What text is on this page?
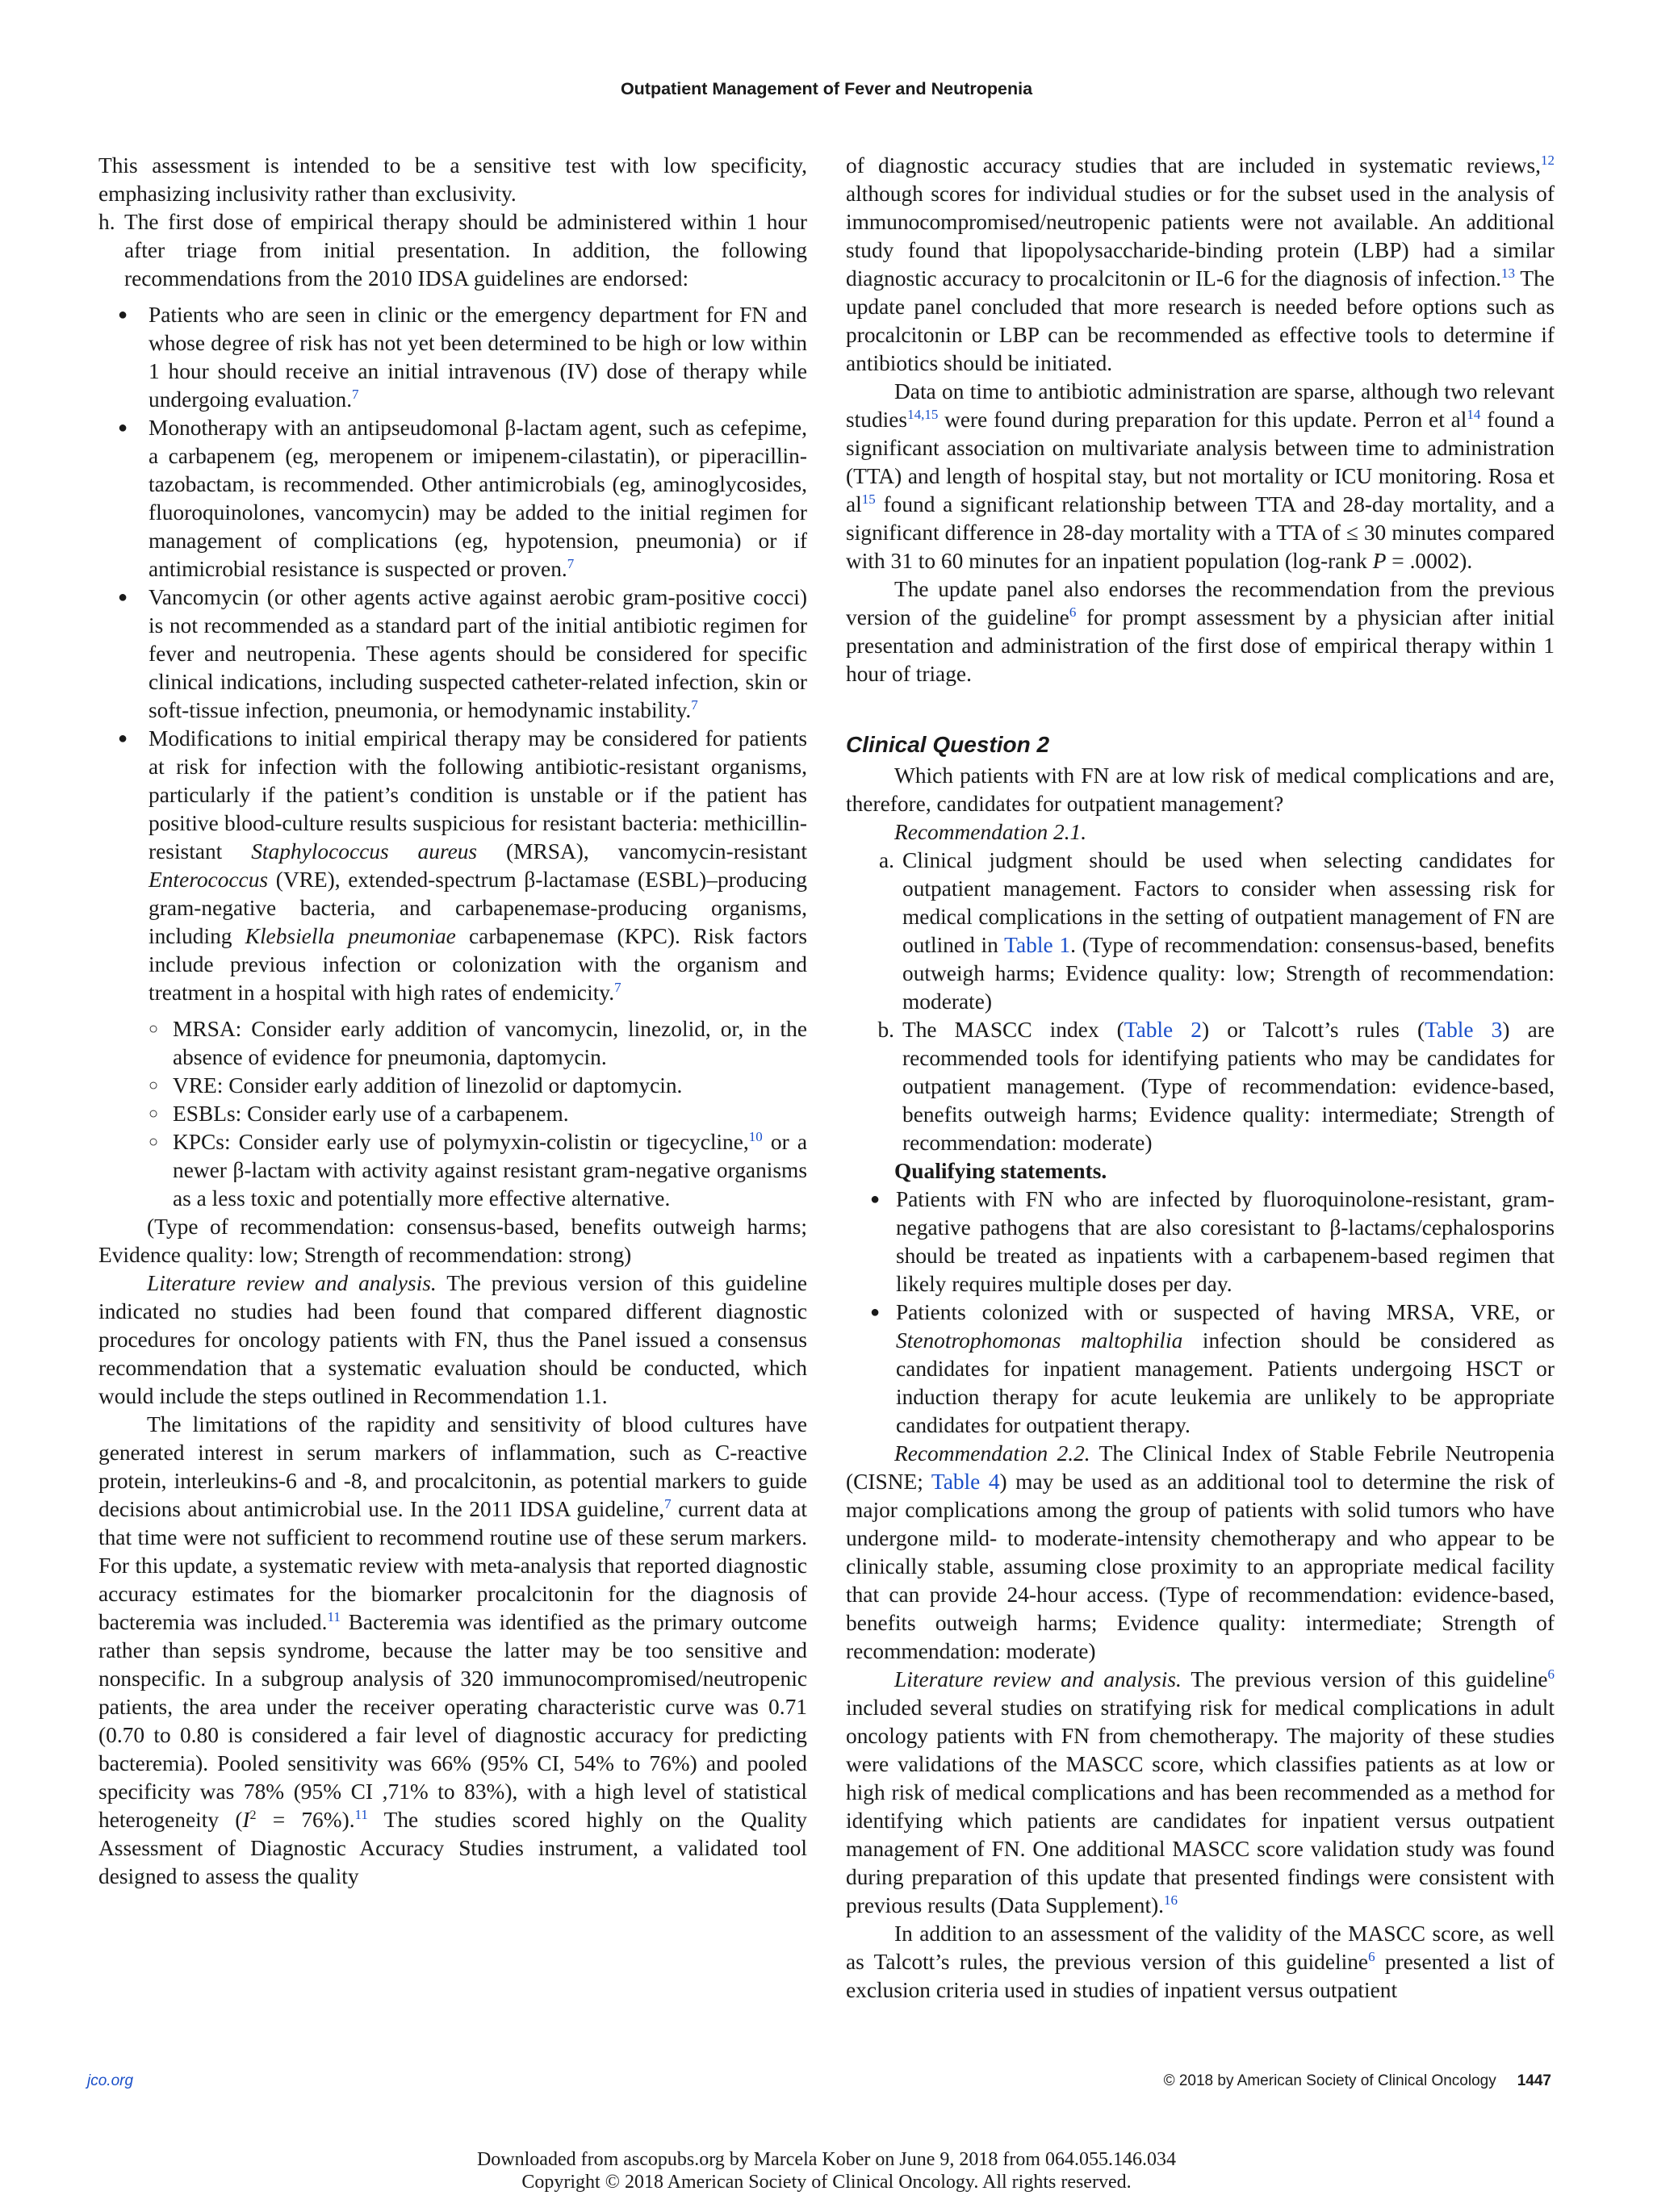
Outpatient Management of Fever and Neutropenia

This assessment is intended to be a sensitive test with low specificity, emphasizing inclusivity rather than exclusivity.

h. The first dose of empirical therapy should be administered within 1 hour after triage from initial presentation. In addition, the following recommendations from the 2010 IDSA guidelines are endorsed:
● Patients who are seen in clinic or the emergency department for FN and whose degree of risk has not yet been determined to be high or low within 1 hour should receive an initial intravenous (IV) dose of therapy while undergoing evaluation.$^7$
● Monotherapy with an antipseudomonal β-lactam agent, such as cefepime, a carbapenem (eg, meropenem or imipenem-cilastatin), or piperacillin-tazobactam, is recommended. Other antimicrobials (eg, aminoglycosides, fluoroquinolones, vancomycin) may be added to the initial regimen for management of complications (eg, hypotension, pneumonia) or if antimicrobial resistance is suspected or proven.$^7$
● Vancomycin (or other agents active against aerobic gram-positive cocci) is not recommended as a standard part of the initial antibiotic regimen for fever and neutropenia. These agents should be considered for specific clinical indications, including suspected catheter-related infection, skin or soft-tissue infection, pneumonia, or hemodynamic instability.$^7$
● Modifications to initial empirical therapy may be considered for patients at risk for infection with the following antibiotic-resistant organisms, particularly if the patient’s condition is unstable or if the patient has positive blood-culture results suspicious for resistant bacteria: methicillin-resistant Staphylococcus aureus (MRSA), vancomycin-resistant Enterococcus (VRE), extended-spectrum β-lactamase (ESBL)–producing gram-negative bacteria, and carbapenemase-producing organisms, including Klebsiella pneumoniae carbapenemase (KPC). Risk factors include previous infection or colonization with the organism and treatment in a hospital with high rates of endemicity.$^7$
○ MRSA: Consider early addition of vancomycin, linezolid, or, in the absence of evidence for pneumonia, daptomycin.
○ VRE: Consider early addition of linezolid or daptomycin.
○ ESBLs: Consider early use of a carbapenem.
○ KPCs: Consider early use of polymyxin-colistin or tigecycline,$^{10}$ or a newer β-lactam with activity against resistant gram-negative organisms as a less toxic and potentially more effective alternative.

(Type of recommendation: consensus-based, benefits outweigh harms; Evidence quality: low; Strength of recommendation: strong)

Literature review and analysis. The previous version of this guideline indicated no studies had been found that compared different diagnostic procedures for oncology patients with FN, thus the Panel issued a consensus recommendation that a systematic evaluation should be conducted, which would include the steps outlined in Recommendation 1.1.

The limitations of the rapidity and sensitivity of blood cultures have generated interest in serum markers of inflammation, such as C-reactive protein, interleukins-6 and -8, and procalcitonin, as potential markers to guide decisions about antimicrobial use. In the 2011 IDSA guideline,$^7$ current data at that time were not sufficient to recommend routine use of these serum markers. For this update, a systematic review with meta-analysis that reported diagnostic accuracy estimates for the biomarker procalcitonin for the diagnosis of bacteremia was included.$^{11}$ Bacteremia was identified as the primary outcome rather than sepsis syndrome, because the latter may be too sensitive and nonspecific. In a subgroup analysis of 320 immunocompromised/neutropenic patients, the area under the receiver operating characteristic curve was 0.71 (0.70 to 0.80 is considered a fair level of diagnostic accuracy for predicting bacteremia). Pooled sensitivity was 66% (95% CI, 54% to 76%) and pooled specificity was 78% (95% CI ,71% to 83%), with a high level of statistical heterogeneity $(I^2 = 76\%).^{11}$ The studies scored highly on the Quality Assessment of Diagnostic Accuracy Studies instrument, a validated tool designed to assess the quality

of diagnostic accuracy studies that are included in systematic reviews,$^{12}$ although scores for individual studies or for the subset used in the analysis of immunocompromised/neutropenic patients were not available. An additional study found that lipopolysaccharide-binding protein (LBP) had a similar diagnostic accuracy to procalcitonin or IL-6 for the diagnosis of infection.$^{13}$ The update panel concluded that more research is needed before options such as procalcitonin or LBP can be recommended as effective tools to determine if antibiotics should be initiated.

Data on time to antibiotic administration are sparse, although two relevant studies$^{14,15}$ were found during preparation for this update. Perron et al$^{14}$ found a significant association on multivariate analysis between time to administration (TTA) and length of hospital stay, but not mortality or ICU monitoring. Rosa et al$^{15}$ found a significant relationship between TTA and 28-day mortality, and a significant difference in 28-day mortality with a TTA of ≤ 30 minutes compared with 31 to 60 minutes for an inpatient population (log-rank P = .0002).

The update panel also endorses the recommendation from the previous version of the guideline$^6$ for prompt assessment by a physician after initial presentation and administration of the first dose of empirical therapy within 1 hour of triage.

Clinical Question 2

Which patients with FN are at low risk of medical complications and are, therefore, candidates for outpatient management?

Recommendation 2.1.

a. Clinical judgment should be used when selecting candidates for outpatient management. Factors to consider when assessing risk for medical complications in the setting of outpatient management of FN are outlined in Table 1. (Type of recommendation: consensus-based, benefits outweigh harms; Evidence quality: low; Strength of recommendation: moderate)
b. The MASCC index (Table 2) or Talcott’s rules (Table 3) are recommended tools for identifying patients who may be candidates for outpatient management. (Type of recommendation: evidence-based, benefits outweigh harms; Evidence quality: intermediate; Strength of recommendation: moderate)

Qualifying statements.

● Patients with FN who are infected by fluoroquinolone-resistant, gram-negative pathogens that are also coresistant to β-lactams/cephalosporins should be treated as inpatients with a carbapenem-based regimen that likely requires multiple doses per day.
● Patients colonized with or suspected of having MRSA, VRE, or Stenotrophomonas maltophilia infection should be considered as candidates for inpatient management. Patients undergoing HSCT or induction therapy for acute leukemia are unlikely to be appropriate candidates for outpatient therapy.

Recommendation 2.2. The Clinical Index of Stable Febrile Neutropenia (CISNE; Table 4) may be used as an additional tool to determine the risk of major complications among the group of patients with solid tumors who have undergone mild- to moderate-intensity chemotherapy and who appear to be clinically stable, assuming close proximity to an appropriate medical facility that can provide 24-hour access. (Type of recommendation: evidence-based, benefits outweigh harms; Evidence quality: intermediate; Strength of recommendation: moderate)

Literature review and analysis. The previous version of this guideline$^6$ included several studies on stratifying risk for medical complications in adult oncology patients with FN from chemotherapy. The majority of these studies were validations of the MASCC score, which classifies patients as at low or high risk of medical complications and has been recommended as a method for identifying which patients are candidates for inpatient versus outpatient management of FN. One additional MASCC score validation study was found during preparation of this update that presented findings were consistent with previous results (Data Supplement).$^{16}$

In addition to an assessment of the validity of the MASCC score, as well as Talcott’s rules, the previous version of this guideline$^6$ presented a list of exclusion criteria used in studies of inpatient versus outpatient

jco.org	© 2018 by American Society of Clinical Oncology 1447
Downloaded from ascopubs.org by Marcela Kober on June 9, 2018 from 064.055.146.034
Copyright © 2018 American Society of Clinical Oncology. All rights reserved.
